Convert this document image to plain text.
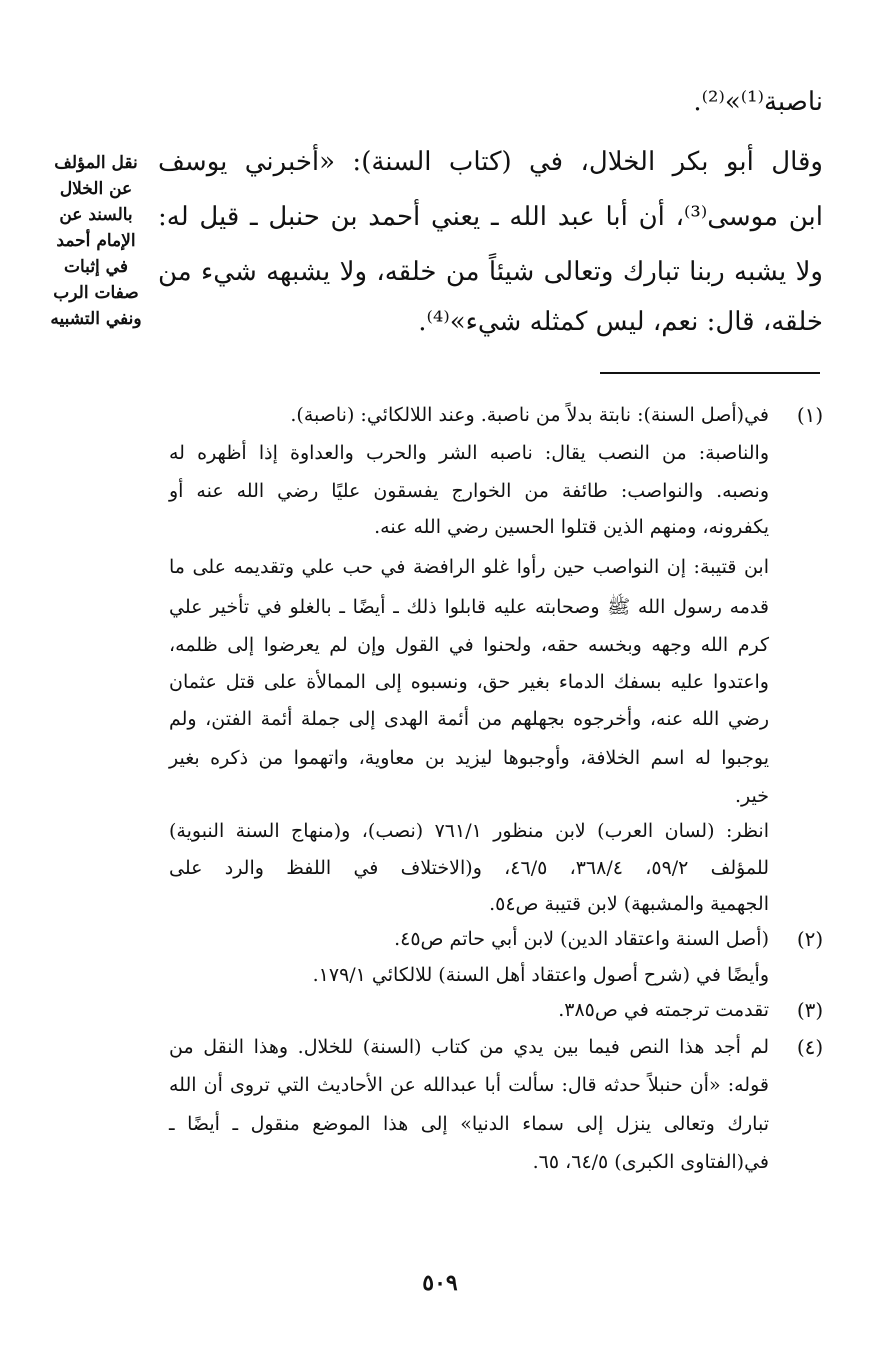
ناصبة⁽¹⁾»⁽²⁾.
وقال أبو بكر الخلال، في (كتاب السنة): «أخبرني يوسف
ابن موسى⁽³⁾، أن أبا عبد الله ـ يعني أحمد بن حنبل ـ قيل له:
ولا يشبه ربنا تبارك وتعالى شيئاً من خلقه، ولا يشبهه شيء من
خلقه، قال: نعم، ليس كمثله شيء»⁽⁴⁾.
نقل المؤلف
عن الخلال
بالسند عن
الإمام أحمد
في إثبات
صفات الرب
ونفي التشبيه
(١)
(٢)
(٣)
(٤)
في(أصل السنة): نابتة بدلاً من ناصبة. وعند اللالكائي: (ناصبة).
والناصبة: من النصب يقال: ناصبه الشر والحرب والعداوة إذا أظهره له
ونصبه. والنواصب: طائفة من الخوارج يفسقون عليًا رضي الله عنه أو
يكفرونه، ومنهم الذين قتلوا الحسين رضي الله عنه.
ابن قتيبة: إن النواصب حين رأوا غلو الرافضة في حب علي وتقديمه على ما
قدمه رسول الله ﷺ وصحابته عليه قابلوا ذلك ـ أيضًا ـ بالغلو في تأخير علي
كرم الله وجهه وبخسه حقه، ولحنوا في القول وإن لم يعرضوا إلى ظلمه،
واعتدوا عليه بسفك الدماء بغير حق، ونسبوه إلى الممالأة على قتل عثمان
رضي الله عنه، وأخرجوه بجهلهم من أئمة الهدى إلى جملة أئمة الفتن، ولم
يوجبوا له اسم الخلافة، وأوجبوها ليزيد بن معاوية، واتهموا من ذكره بغير
خير.
انظر: (لسان العرب) لابن منظور ٧٦١/١ (نصب)، و(منهاج السنة النبوية)
للمؤلف ٥٩/٢، ٣٦٨/٤، ٤٦/٥، و(الاختلاف في اللفظ والرد على
الجهمية والمشبهة) لابن قتيبة ص٥٤.
(أصل السنة واعتقاد الدين) لابن أبي حاتم ص٤٥.
وأيضًا في (شرح أصول واعتقاد أهل السنة) للالكائي ١٧٩/١.
تقدمت ترجمته في ص٣٨٥.
لم أجد هذا النص فيما بين يدي من كتاب (السنة) للخلال. وهذا النقل من
قوله: «أن حنبلاً حدثه قال: سألت أبا عبدالله عن الأحاديث التي تروى أن الله
تبارك وتعالى ينزل إلى سماء الدنيا» إلى هذا الموضع منقول ـ أيضًا ـ
في(الفتاوى الكبرى) ٦٤/٥، ٦٥.
٥٠٩
